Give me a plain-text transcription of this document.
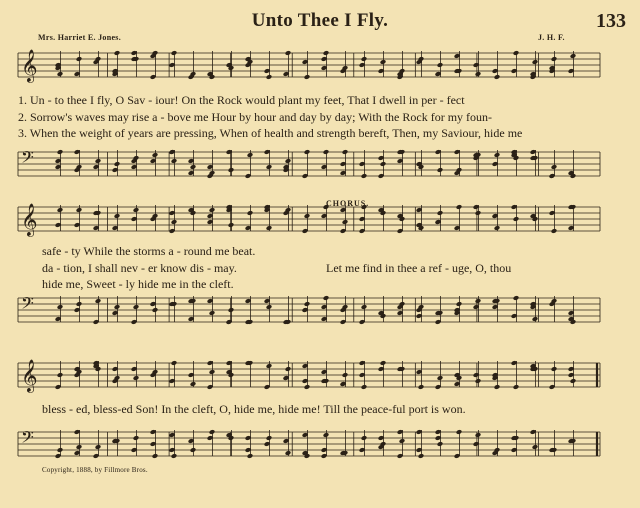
Unto Thee I Fly.	133
Mrs. Harriet E. Jones.	J. H. F.
𝄞
𝄢
𝄞
𝄢
𝄞
𝄢
CHORUS.
1. Un - to thee I fly, O Sav - iour! On the Rock would plant my feet, That I dwell in per - fect
2. Sorrow's waves may rise a - bove me Hour by hour and day by day; With the Rock for my foun-
3. When the weight of years are pressing, When of health and strength bereft, Then, my Saviour, hide me
safe - ty While the storms a - round me beat.
da - tion, I shall nev - er know dis - may.	Let me find in thee a ref - uge, O, thou
hide me, Sweet - ly hide me in the cleft.
bless - ed, bless-ed Son! In the cleft, O, hide me, hide me! Till the peace-ful port is won.
Copyright, 1888, by Fillmore Bros.
